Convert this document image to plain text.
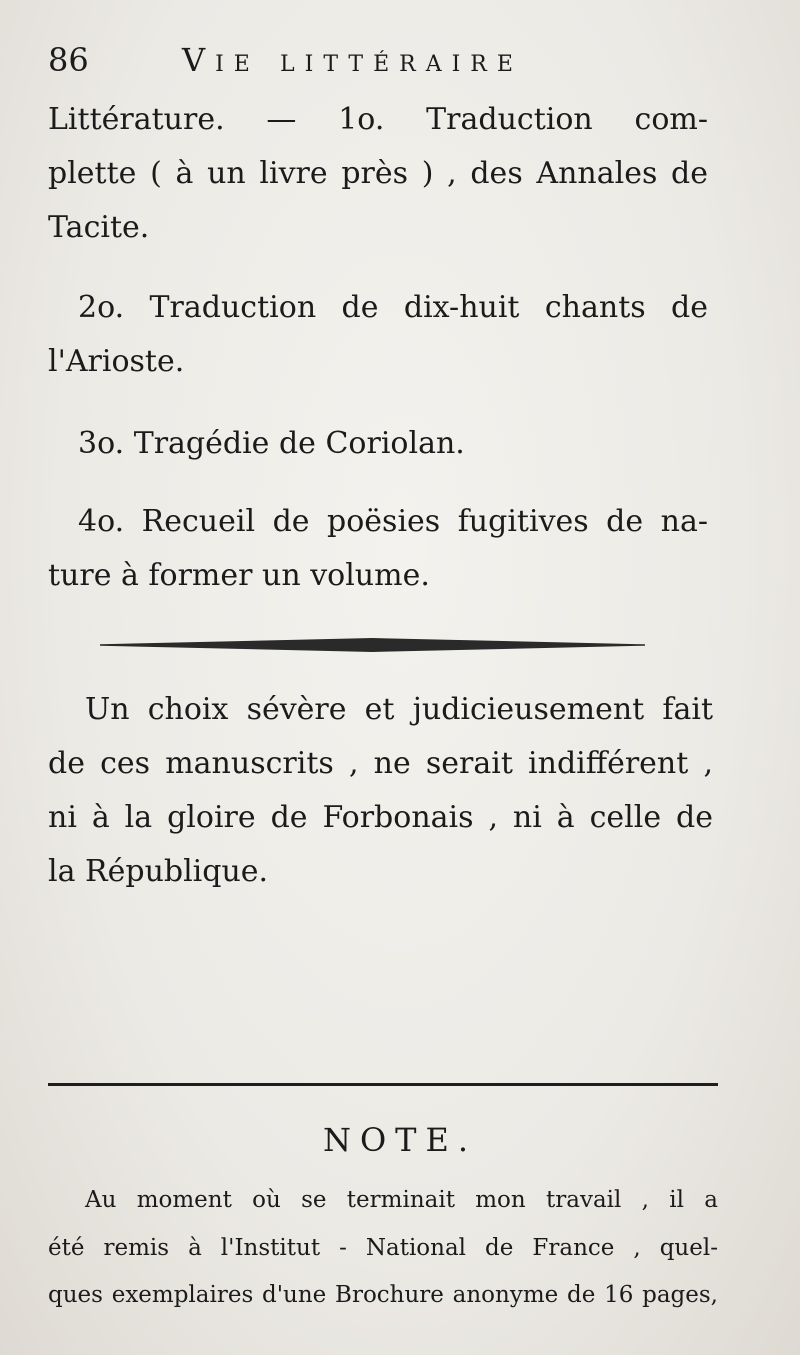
86	Vie littéraire
Littérature. — 1o. Traduction com-
plette ( à un livre près ) , des Annales de
Tacite.
2o. Traduction de dix-huit chants de
l'Arioste.
3o. Tragédie de Coriolan.
4o. Recueil de poësies fugitives de na-
ture à former un volume.
Un choix sévère et judicieusement fait
de ces manuscrits , ne serait indifférent ,
ni à la gloire de Forbonais , ni à celle de
la République.
NOTE.
Au moment où se terminait mon travail , il a
été remis à l'Institut - National de France , quel-
ques exemplaires d'une Brochure anonyme de 16 pages,
